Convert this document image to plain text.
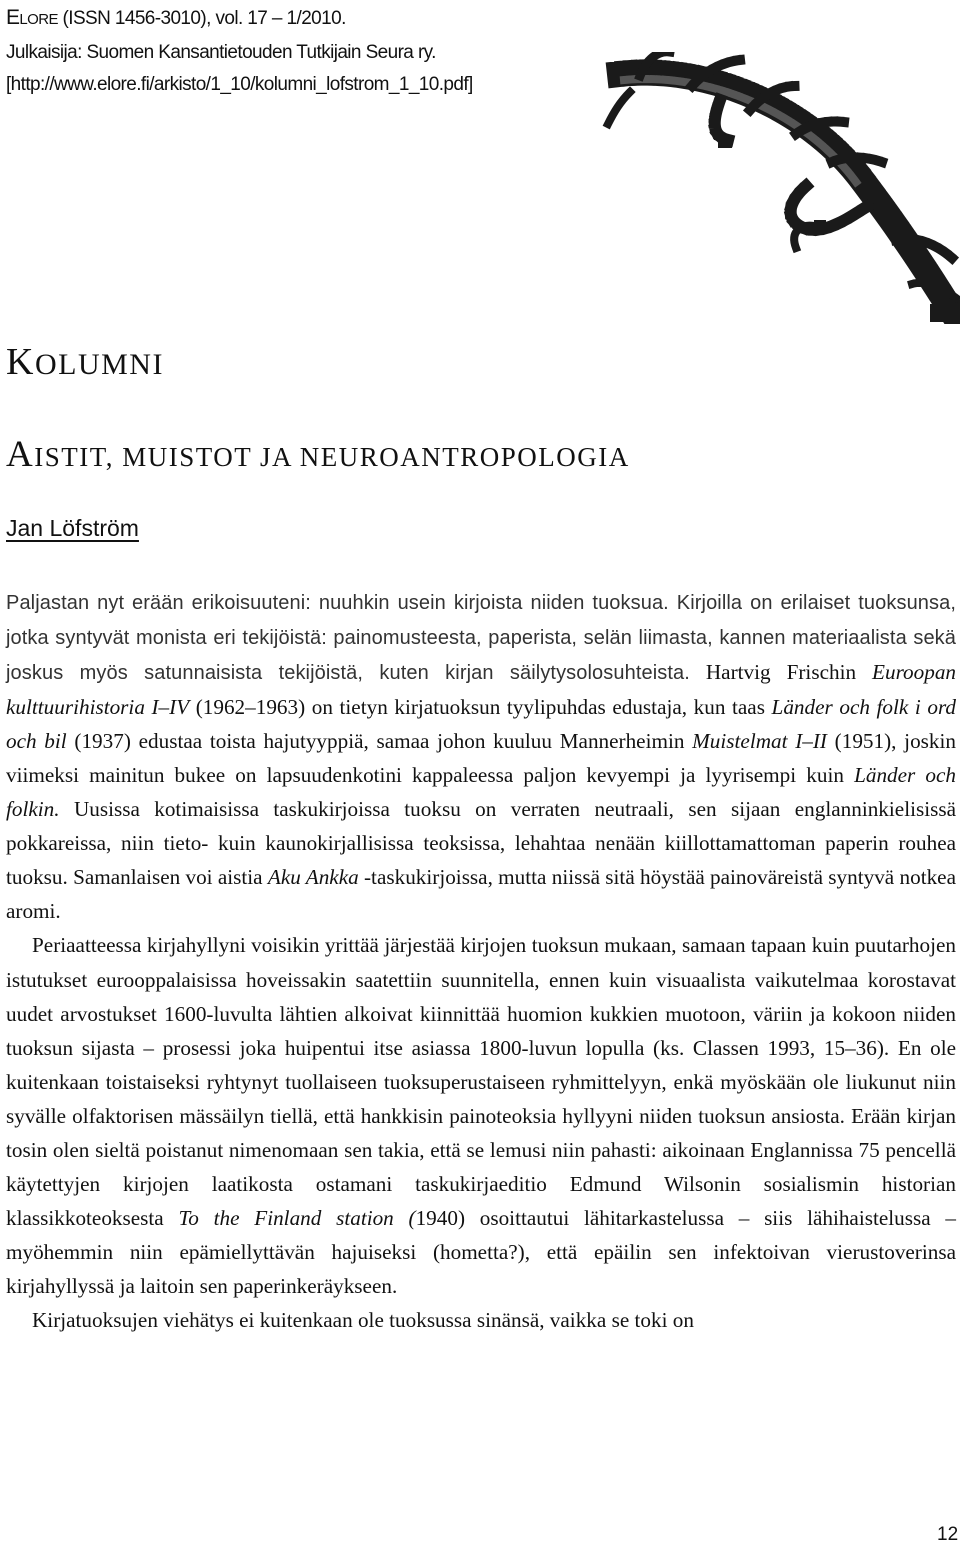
ELORE (ISSN 1456-3010), vol. 17 – 1/2010.
Julkaisija: Suomen Kansantietouden Tutkijain Seura ry.
[http://www.elore.fi/arkisto/1_10/kolumni_lofstrom_1_10.pdf]
KOLUMNI
AISTIT, MUISTOT JA NEUROANTROPOLOGIA
Jan Löfström

Paljastan nyt erään erikoisuuteni: nuuhkin usein kirjoista niiden tuoksua. Kirjoilla on erilaiset tuoksunsa, jotka syntyvät monista eri tekijöistä: painomusteesta, paperista, selän liimasta, kannen materiaalista sekä joskus myös satunnaisista tekijöistä, kuten kirjan säilytysolosuhteista. Hartvig Frischin Euroopan kulttuurihistoria I–IV (1962–1963) on tietyn kirjatuoksun tyylipuhdas edustaja, kun taas Länder och folk i ord och bil (1937) edustaa toista hajutyyppiä, samaa johon kuuluu Mannerheimin Muistelmat I–II (1951), joskin viimeksi mainitun bukee on lapsuudenkotini kappaleessa paljon kevyempi ja lyyrisempi kuin Länder och folkin. Uusissa kotimaisissa taskukirjoissa tuoksu on verraten neutraali, sen sijaan englanninkielisissä pokkareissa, niin tieto- kuin kaunokirjallisissa teoksissa, lehahtaa nenään kiillottamattoman paperin rouhea tuoksu. Samanlaisen voi aistia Aku Ankka -taskukirjoissa, mutta niissä sitä höystää painoväreistä syntyvä notkea aromi.

Periaatteessa kirjahyllyni voisikin yrittää järjestää kirjojen tuoksun mukaan, samaan tapaan kuin puutarhojen istutukset eurooppalaisissa hoveissakin saatettiin suunnitella, ennen kuin visuaalista vaikutelmaa korostavat uudet arvostukset 1600-luvulta lähtien alkoivat kiinnittää huomion kukkien muotoon, väriin ja kokoon niiden tuoksun sijasta – prosessi joka huipentui itse asiassa 1800-luvun lopulla (ks. Classen 1993, 15–36). En ole kuitenkaan toistaiseksi ryhtynyt tuollaiseen tuoksuperustaiseen ryhmittelyyn, enkä myöskään ole liukunut niin syvälle olfaktorisen mässäilyn tiellä, että hankkisin painoteoksia hyllyyni niiden tuoksun ansiosta. Erään kirjan tosin olen sieltä poistanut nimenomaan sen takia, että se lemusi niin pahasti: aikoinaan Englannissa 75 pencellä käytettyjen kirjojen laatikosta ostamani taskukirjaeditio Edmund Wilsonin sosialismin historian klassikkoteoksesta To the Finland station (1940) osoittautui lähitarkastelussa – siis lähihaistelussa – myöhemmin niin epämiellyttävän hajuiseksi (hometta?), että epäilin sen infektoivan vierustoverinsa kirjahyllyssä ja laitoin sen paperinkeräykseen.

Kirjatuoksujen viehätys ei kuitenkaan ole tuoksussa sinänsä, vaikka se toki on

12
